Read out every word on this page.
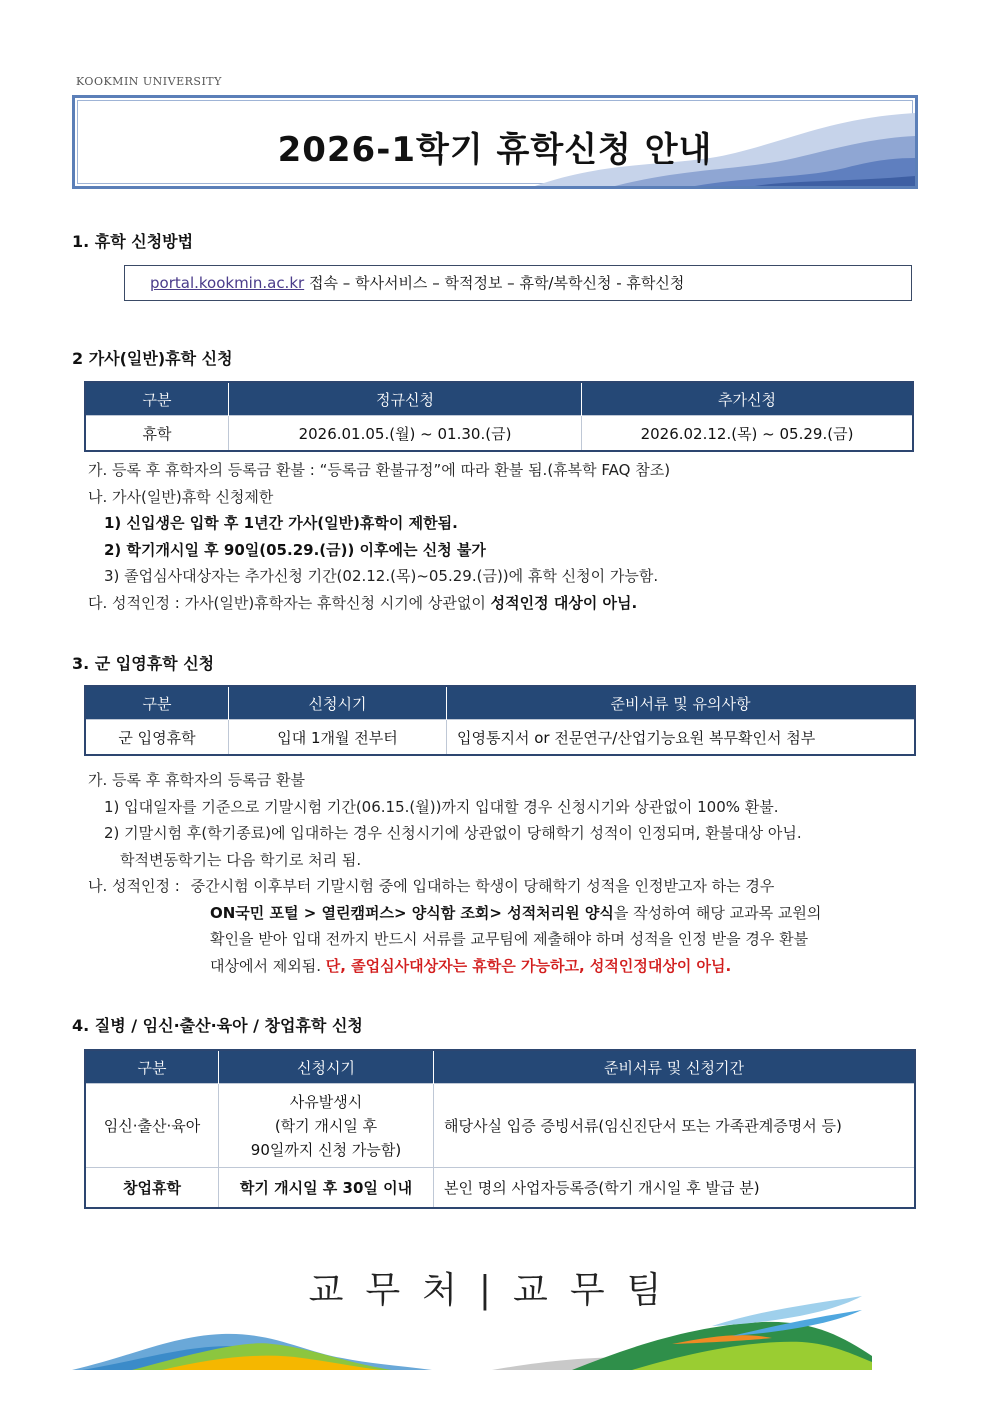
KOOKMIN UNIVERSITY
2026-1학기 휴학신청 안내
1. 휴학 신청방법
portal.kookmin.ac.kr 접속 – 학사서비스 – 학적정보 – 휴학/복학신청 - 휴학신청
2 가사(일반)휴학 신청
구분	정규신청	추가신청
휴학	2026.01.05.(월) ~ 01.30.(금)	2026.02.12.(목) ~ 05.29.(금)
가. 등록 후 휴학자의 등록금 환불 : “등록금 환불규정”에 따라 환불 됨.(휴복학 FAQ 참조)
나. 가사(일반)휴학 신청제한
1) 신입생은 입학 후 1년간 가사(일반)휴학이 제한됨.
2) 학기개시일 후 90일(05.29.(금)) 이후에는 신청 불가
3) 졸업심사대상자는 추가신청 기간(02.12.(목)~05.29.(금))에 휴학 신청이 가능함.
다. 성적인정 : 가사(일반)휴학자는 휴학신청 시기에 상관없이 성적인정 대상이 아님.
3. 군 입영휴학 신청
구분	신청시기	준비서류 및 유의사항
군 입영휴학	입대 1개월 전부터	입영통지서 or 전문연구/산업기능요원 복무확인서 첨부
가. 등록 후 휴학자의 등록금 환불
1) 입대일자를 기준으로 기말시험 기간(06.15.(월))까지 입대할 경우 신청시기와 상관없이 100% 환불.
2) 기말시험 후(학기종료)에 입대하는 경우 신청시기에 상관없이 당해학기 성적이 인정되며, 환불대상 아님.
학적변동학기는 다음 학기로 처리 됨.
나. 성적인정 : 중간시험 이후부터 기말시험 중에 입대하는 학생이 당해학기 성적을 인정받고자 하는 경우
ON국민 포털 > 열린캠퍼스> 양식함 조회> 성적처리원 양식을 작성하여 해당 교과목 교원의
확인을 받아 입대 전까지 반드시 서류를 교무팀에 제출해야 하며 성적을 인정 받을 경우 환불
대상에서 제외됨. 단, 졸업심사대상자는 휴학은 가능하고, 성적인정대상이 아님.
4. 질병 / 임신·출산·육아 / 창업휴학 신청
구분	신청시기	준비서류 및 신청기간
임신·출산·육아	사유발생시
(학기 개시일 후
90일까지 신청 가능함)	해당사실 입증 증빙서류(임신진단서 또는 가족관계증명서 등)
창업휴학	학기 개시일 후 30일 이내	본인 명의 사업자등록증(학기 개시일 후 발급 분)
교무처|교무팀
